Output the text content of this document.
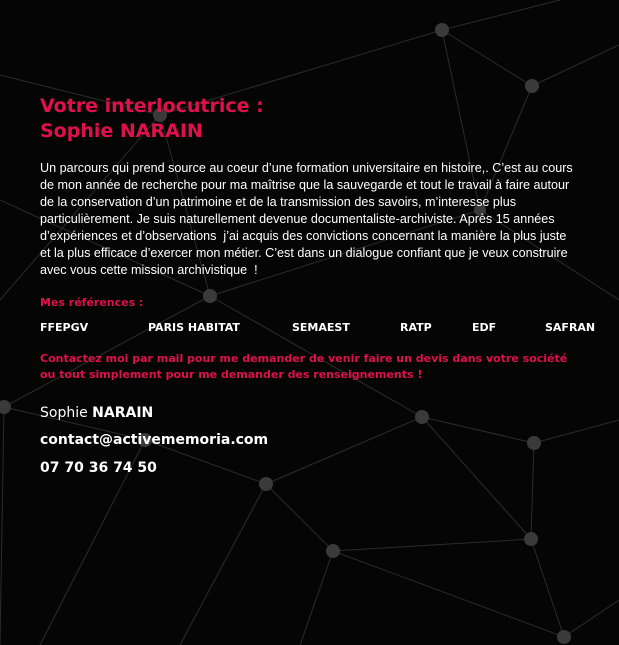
Votre interlocutrice :
Sophie NARAIN

Un parcours qui prend source au coeur d’une formation universitaire en histoire,. C’est au cours
de mon année de recherche pour ma maîtrise que la sauvegarde et tout le travail à faire autour
de la conservation d’un patrimoine et de la transmission des savoirs, m’interesse plus
particulièrement. Je suis naturellement devenue documentaliste-archiviste. Après 15 années
d’expériences et d’observations  j’ai acquis des convictions concernant la manière la plus juste
et la plus efficace d’exercer mon métier. C’est dans un dialogue confiant que je veux construire
avec vous cette mission archivistique  !

Mes références :
FFEPGV	PARIS HABITAT	SEMAEST	RATP	EDF	SAFRAN
Contactez moi par mail pour me demander de venir faire un devis dans votre société
ou tout simplement pour me demander des renseignements !
Sophie NARAIN
contact@activememoria.com
07 70 36 74 50
